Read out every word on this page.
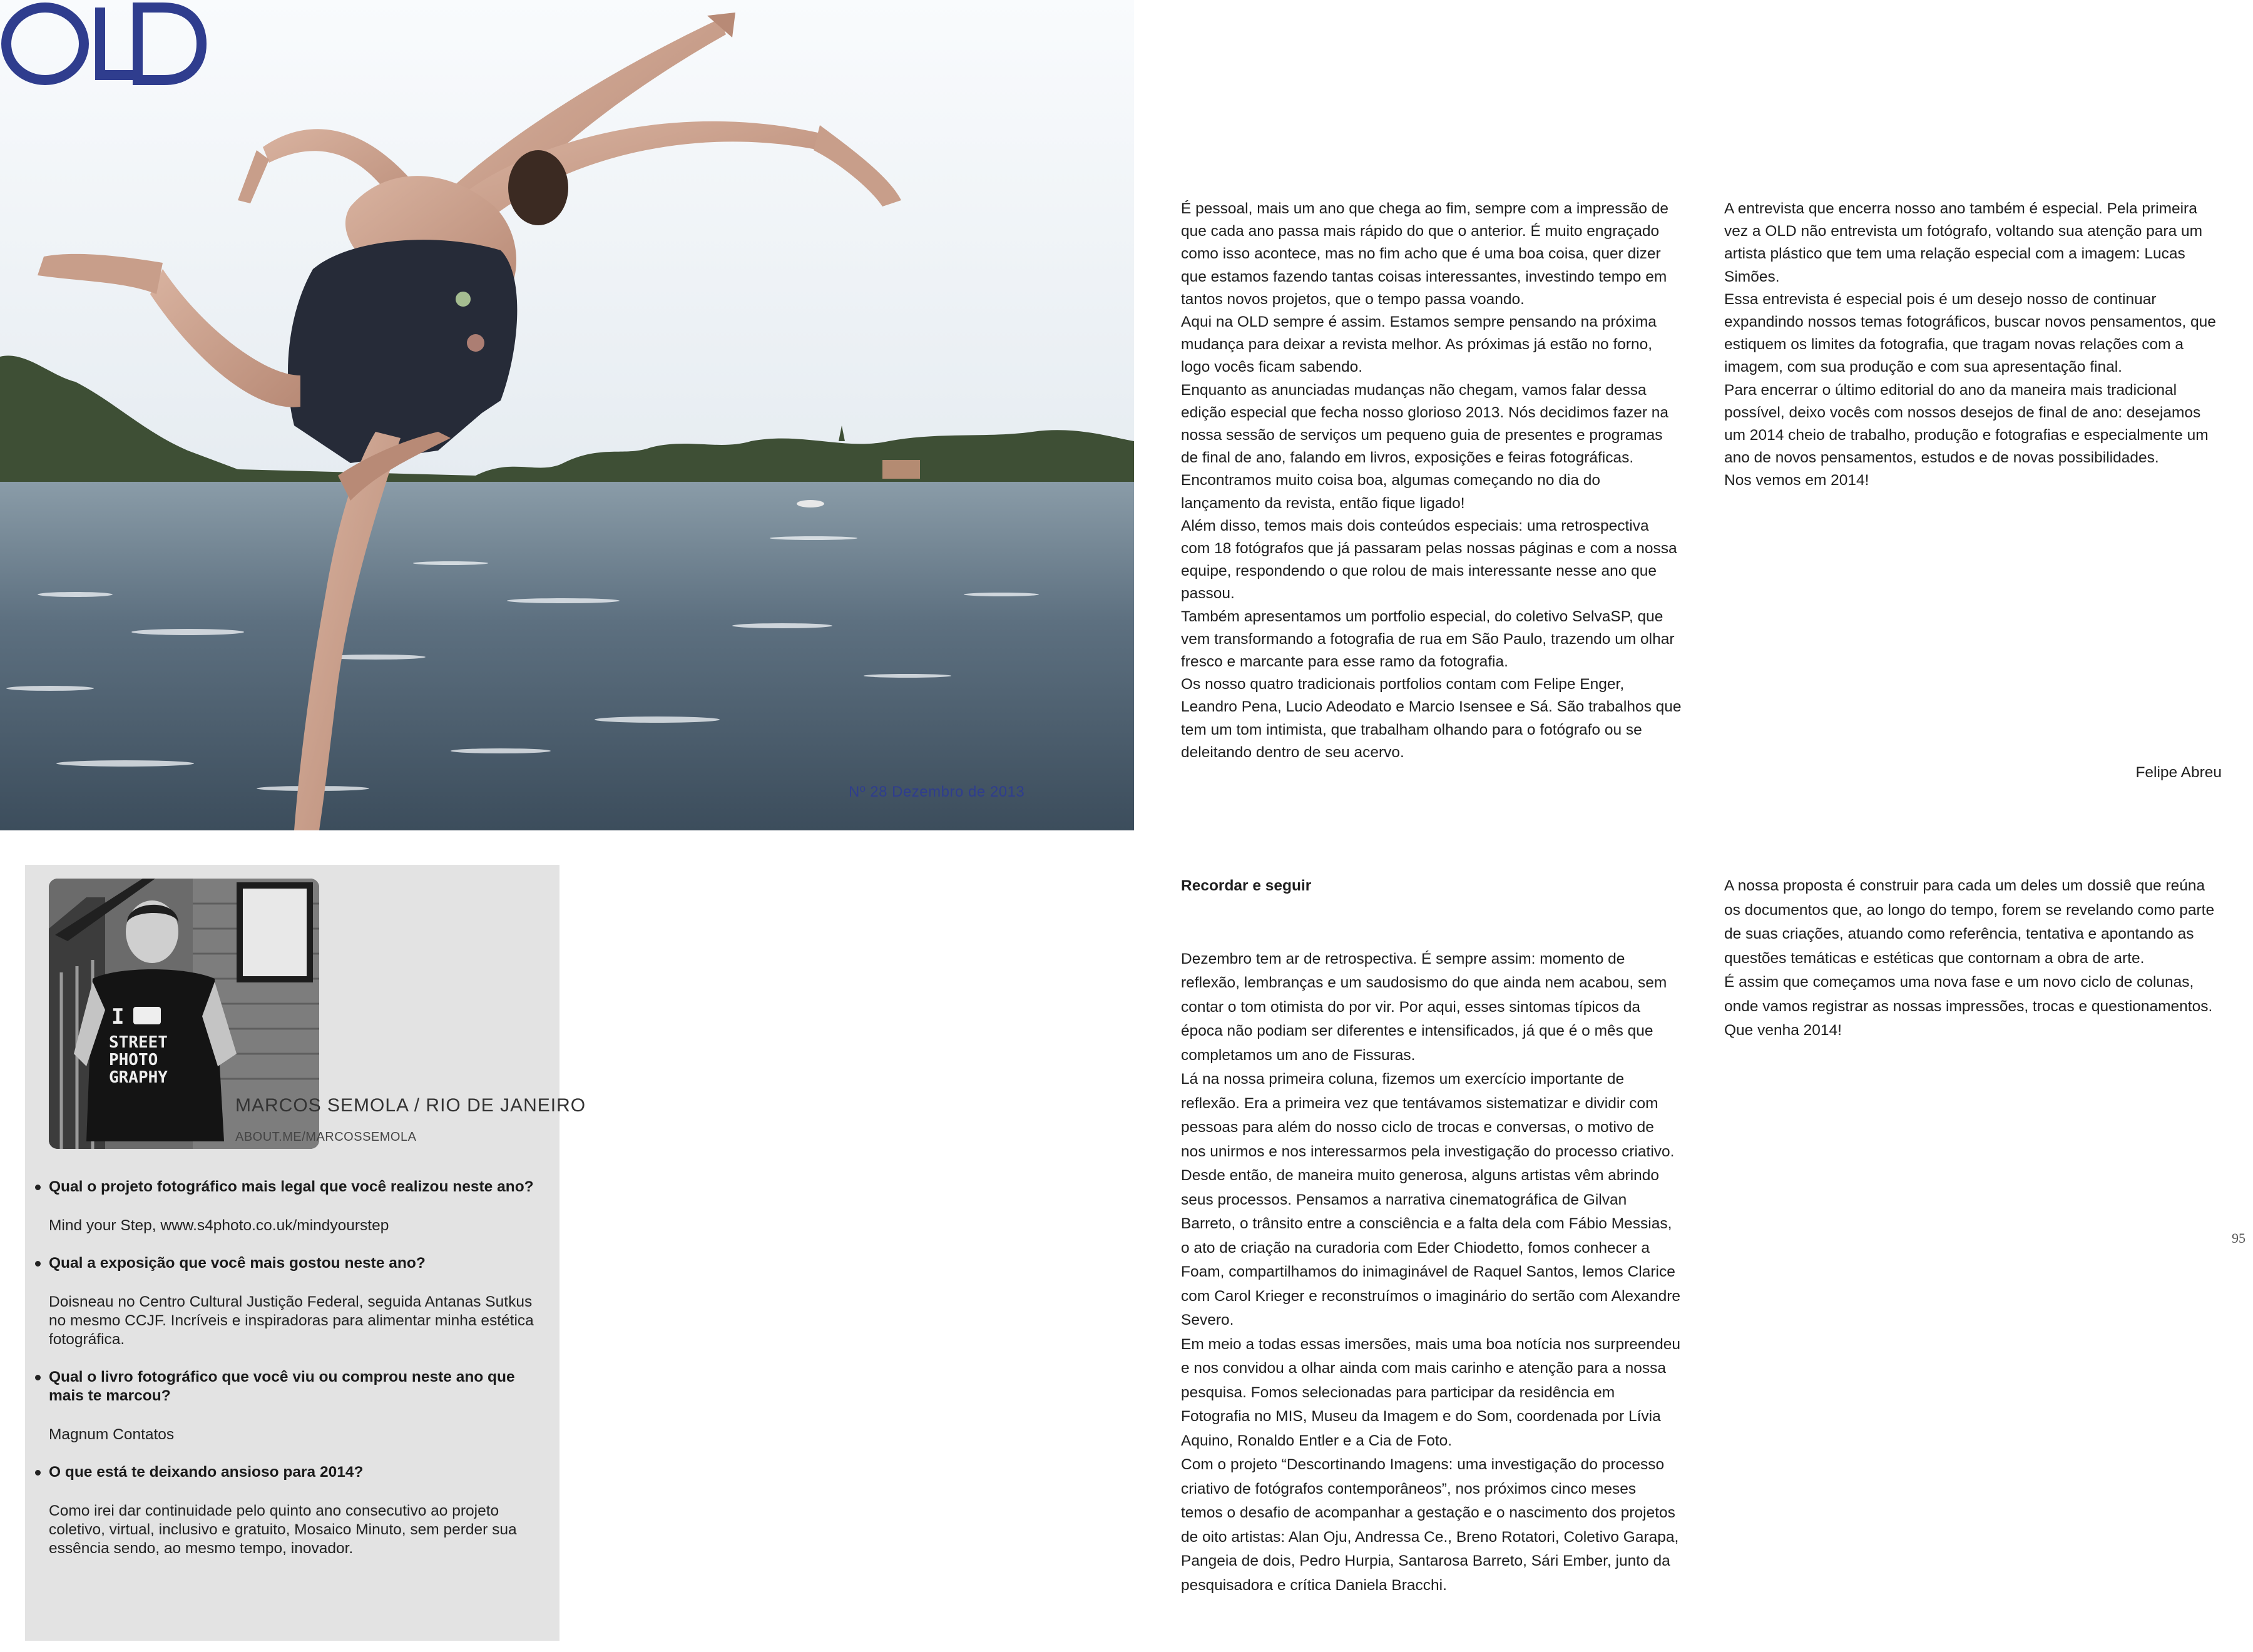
Nº 28 Dezembro de 2013

É pessoal, mais um ano que chega ao fim, sempre com a impressão de que cada ano passa mais rápido do que o anterior. É muito engraçado como isso acontece, mas no fim acho que é uma boa coisa, quer dizer que estamos fazendo tantas coisas interessantes, investindo tempo em tantos novos projetos, que o tempo passa voando.

Aqui na OLD sempre é assim. Estamos sempre pensando na próxima mudança para deixar a revista melhor. As próximas já estão no forno, logo vocês ficam sabendo.

Enquanto as anunciadas mudanças não chegam, vamos falar dessa edição especial que fecha nosso glorioso 2013. Nós decidimos fazer na nossa sessão de serviços um pequeno guia de presentes e programas de final de ano, falando em livros, exposições e feiras fotográficas. Encontramos muito coisa boa, algumas começando no dia do lançamento da revista, então fique ligado!

Além disso, temos mais dois conteúdos especiais: uma retrospectiva com 18 fotógrafos que já passaram pelas nossas páginas e com a nossa equipe, respondendo o que rolou de mais interessante nesse ano que passou.

Também apresentamos um portfolio especial, do coletivo SelvaSP, que vem transformando a fotografia de rua em São Paulo, trazendo um olhar fresco e marcante para esse ramo da fotografia.

Os nosso quatro tradicionais portfolios contam com Felipe Enger, Leandro Pena, Lucio Adeodato e Marcio Isensee e Sá. São trabalhos que tem um tom intimista, que trabalham olhando para o fotógrafo ou se deleitando dentro de seu acervo.

A entrevista que encerra nosso ano também é especial. Pela primeira vez a OLD não entrevista um fotógrafo, voltando sua atenção para um artista plástico que tem uma relação especial com a imagem: Lucas Simões.

Essa entrevista é especial pois é um desejo nosso de continuar expandindo nossos temas fotográficos, buscar novos pensamentos, que estiquem os limites da fotografia, que tragam novas relações com a imagem, com sua produção e com sua apresentação final.

Para encerrar o último editorial do ano da maneira mais tradicional possível, deixo vocês com nossos desejos de final de ano: desejamos um 2014 cheio de trabalho, produção e fotografias e especialmente um ano de novos pensamentos, estudos e de novas possibilidades.

Nos vemos em 2014!

Felipe Abreu

Recordar e seguir

Dezembro tem ar de retrospectiva. É sempre assim: momento de reflexão, lembranças e um saudosismo do que ainda nem acabou, sem contar o tom otimista do por vir. Por aqui, esses sintomas típicos da época não podiam ser diferentes e intensificados, já que é o mês que completamos um ano de Fissuras.

Lá na nossa primeira coluna, fizemos um exercício importante de reflexão. Era a primeira vez que tentávamos sistematizar e dividir com pessoas para além do nosso ciclo de trocas e conversas, o motivo de nos unirmos e nos interessarmos pela investigação do processo criativo.

Desde então, de maneira muito generosa, alguns artistas vêm abrindo seus processos. Pensamos a narrativa cinematográfica de Gilvan Barreto, o trânsito entre a consciência e a falta dela com Fábio Messias, o ato de criação na curadoria com Eder Chiodetto, fomos conhecer a Foam, compartilhamos do inimaginável de Raquel Santos, lemos Clarice com Carol Krieger e reconstruímos o imaginário do sertão com Alexandre Severo.

Em meio a todas essas imersões, mais uma boa notícia nos surpreendeu e nos convidou a olhar ainda com mais carinho e atenção para a nossa pesquisa. Fomos selecionadas para participar da residência em Fotografia no MIS, Museu da Imagem e do Som, coordenada por Lívia Aquino, Ronaldo Entler e a Cia de Foto.

Com o projeto “Descortinando Imagens: uma investigação do processo criativo de fotógrafos contemporâneos”, nos próximos cinco meses temos o desafio de acompanhar a gestação e o nascimento dos projetos de oito artistas: Alan Oju, Andressa Ce., Breno Rotatori, Coletivo Garapa, Pangeia de dois, Pedro Hurpia, Santarosa Barreto, Sári Ember, junto da pesquisadora e crítica Daniela Bracchi.

A nossa proposta é construir para cada um deles um dossiê que reúna os documentos que, ao longo do tempo, forem se revelando como parte de suas criações, atuando como referência, tentativa e apontando as questões temáticas e estéticas que contornam a obra de arte.

É assim que começamos uma nova fase e um novo ciclo de colunas, onde vamos registrar as nossas impressões, trocas e questionamentos. Que venha 2014!

95
I
STREET
PHOTO
GRAPHY
MARCOS SEMOLA / RIO DE JANEIRO
ABOUT.ME/MARCOSSEMOLA

Qual o projeto fotográfico mais legal que você realizou neste ano?

Mind your Step, www.s4photo.co.uk/mindyourstep

Qual a exposição que você mais gostou neste ano?

Doisneau no Centro Cultural Justição Federal, seguida Antanas Sutkus no mesmo CCJF. Incríveis e inspiradoras para alimentar minha estética fotográfica.

Qual o livro fotográfico que você viu ou comprou neste ano que mais te marcou?

Magnum Contatos

O que está te deixando ansioso para 2014?

Como irei dar continuidade pelo quinto ano consecutivo ao projeto coletivo, virtual, inclusivo e gratuito, Mosaico Minuto, sem perder sua essência sendo, ao mesmo tempo, inovador.
